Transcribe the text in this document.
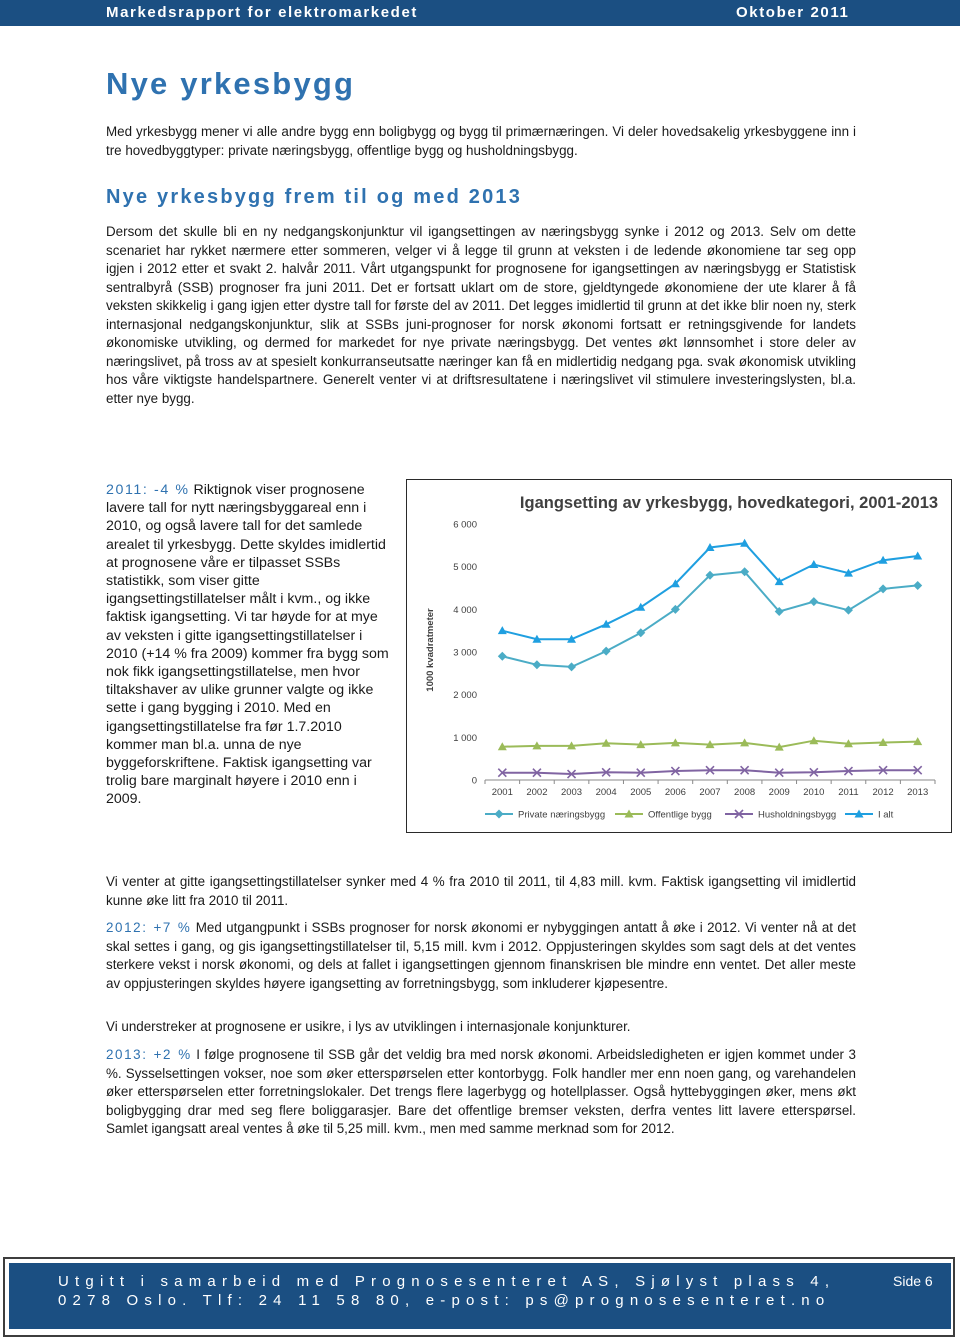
Markedsrapport for elektromarkedet	Oktober 2011
Nye yrkesbygg

Med yrkesbygg mener vi alle andre bygg enn boligbygg og bygg til primærnæringen. Vi deler hovedsakelig yrkesbyggene inn i tre hovedbyggtyper: private næringsbygg, offentlige bygg og husholdningsbygg.

Nye yrkesbygg frem til og med 2013

Dersom det skulle bli en ny nedgangskonjunktur vil igangsettingen av næringsbygg synke i 2012 og 2013. Selv om dette scenariet har rykket nærmere etter sommeren, velger vi å legge til grunn at veksten i de ledende økonomiene tar seg opp igjen i 2012 etter et svakt 2. halvår 2011. Vårt utgangspunkt for prognosene for igangsettingen av næringsbygg er Statistisk sentralbyrå (SSB) prognoser fra juni 2011. Det er fortsatt uklart om de store, gjeldtyngede økonomiene der ute klarer å få veksten skikkelig i gang igjen etter dystre tall for første del av 2011. Det legges imidlertid til grunn at det ikke blir noen ny, sterk internasjonal nedgangskonjunktur, slik at SSBs juni-prognoser for norsk økonomi fortsatt er retningsgivende for landets økonomiske utvikling, og dermed for markedet for nye private næringsbygg. Det ventes økt lønnsomhet i store deler av næringslivet, på tross av at spesielt konkurranseutsatte næringer kan få en midlertidig nedgang pga. svak økonomisk utvikling hos våre viktigste handelspartnere. Generelt venter vi at driftsresultatene i næringslivet vil stimulere investeringslysten, bl.a. etter nye bygg.

2011: -4 % Riktignok viser prognosene lavere tall for nytt næringsbyggareal enn i 2010, og også lavere tall for det samlede arealet til yrkesbygg. Dette skyldes imidlertid at prognosene våre er tilpasset SSBs statistikk, som viser gitte igangsettingstillatelser målt i kvm., og ikke faktisk igangsetting. Vi tar høyde for at mye av veksten i gitte igangsettingstillatelser i 2010 (+14 % fra 2009) kommer fra bygg som nok fikk igangsettingstillatelse, men hvor tiltakshaver av ulike grunner valgte og ikke sette i gang bygging i 2010. Med en igangsettingstillatelse fra før 1.7.2010 kommer man bl.a. unna de nye byggeforskriftene. Faktisk igangsetting var trolig bare marginalt høyere i 2010 enn i 2009.

Igangsetting av yrkesbygg, hovedkategori, 2001-2013
1000 kvadratmeter
0
1 000
2 000
3 000
4 000
5 000
6 000
2001 2002 2003 2004 2005 2006 2007 2008 2009 2010 2011 2012 2013
Private næringsbygg	Offentlige bygg	Husholdningsbygg	I alt

Vi venter at gitte igangsettingstillatelser synker med 4 % fra 2010 til 2011, til 4,83 mill. kvm. Faktisk igangsetting vil imidlertid kunne øke litt fra 2010 til 2011.

2012: +7 % Med utgangpunkt i SSBs prognoser for norsk økonomi er nybyggingen antatt å øke i 2012. Vi venter nå at det skal settes i gang, og gis igangsettingstillatelser til, 5,15 mill. kvm i 2012. Oppjusteringen skyldes som sagt dels at det ventes sterkere vekst i norsk økonomi, og dels at fallet i igangsettingen gjennom finanskrisen ble mindre enn ventet. Det aller meste av oppjusteringen skyldes høyere igangsetting av forretningsbygg, som inkluderer kjøpesentre.

Vi understreker at prognosene er usikre, i lys av utviklingen i internasjonale konjunkturer.

2013: +2 % I følge prognosene til SSB går det veldig bra med norsk økonomi. Arbeidsledigheten er igjen kommet under 3 %. Sysselsettingen vokser, noe som øker etterspørselen etter kontorbygg. Folk handler mer enn noen gang, og varehandelen øker etterspørselen etter forretningslokaler. Det trengs flere lagerbygg og hotellplasser. Også hyttebyggingen øker, mens økt boligbygging drar med seg flere boliggarasjer. Bare det offentlige bremser veksten, derfra ventes litt lavere etterspørsel. Samlet igangsatt areal ventes å øke til 5,25 mill. kvm., men med samme merknad som for 2012.

Utgitt i samarbeid med Prognosesenteret AS, Sjølyst plass 4,
0278 Oslo. Tlf: 24 11 58 80, e-post: ps@prognosesenteret.no
Side 6
